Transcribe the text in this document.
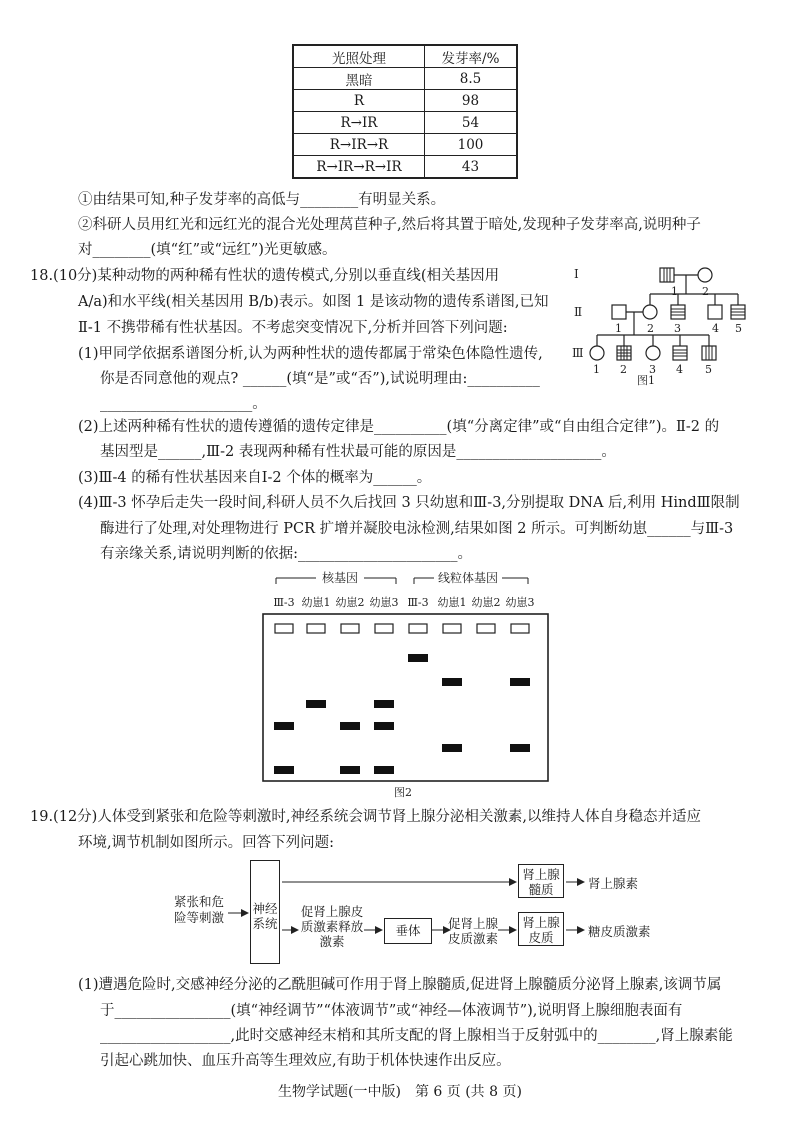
光照处理	发芽率/%
黑暗	8.5
R	98
R→IR	54
R→IR→R	100
R→IR→R→IR	43
①由结果可知,种子发芽率的高低与________有明显关系。
②科研人员用红光和远红光的混合光处理莴苣种子,然后将其置于暗处,发现种子发芽率高,说明种子
对________(填“红”或“远红”)光更敏感。
18.(10分)某种动物的两种稀有性状的遗传模式,分别以垂直线(相关基因用
A/a)和水平线(相关基因用 B/b)表示。如图 1 是该动物的遗传系谱图,已知
Ⅱ-1 不携带稀有性状基因。不考虑突变情况下,分析并回答下列问题:
(1)甲同学依据系谱图分析,认为两种性状的遗传都属于常染色体隐性遗传,
你是否同意他的观点? ______(填“是”或“否”),试说明理由:__________
_____________________。
(2)上述两种稀有性状的遗传遵循的遗传定律是__________(填“分离定律”或“自由组合定律”)。Ⅱ-2 的
基因型是______,Ⅲ-2 表现两种稀有性状最可能的原因是____________________。
(3)Ⅲ-4 的稀有性状基因来自Ⅰ-2 个体的概率为______。
(4)Ⅲ-3 怀孕后走失一段时间,科研人员不久后找回 3 只幼崽和Ⅲ-3,分别提取 DNA 后,利用 HindⅢ限制
酶进行了处理,对处理物进行 PCR 扩增并凝胶电泳检测,结果如图 2 所示。可判断幼崽______与Ⅲ-3
有亲缘关系,请说明判断的依据:______________________。
Ⅰ
Ⅱ
Ⅲ
1 2
1 2 3	4 5
1 2 3 4 5
图1
核基因	线粒体基因
Ⅲ-3 幼崽1 幼崽2 幼崽3 Ⅲ-3 幼崽1 幼崽2 幼崽3
图2
19.(12分)人体受到紧张和危险等刺激时,神经系统会调节肾上腺分泌相关激素,以维持人体自身稳态并适应
环境,调节机制如图所示。回答下列问题:
紧张和危险等刺激
神经系统
促肾上腺皮质激素释放激素
垂体	促肾上腺皮质激素
肾上腺髓质
肾上腺皮质
肾上腺素
糖皮质激素
(1)遭遇危险时,交感神经分泌的乙酰胆碱可作用于肾上腺髓质,促进肾上腺髓质分泌肾上腺素,该调节属
于________________(填“神经调节”“体液调节”或“神经—体液调节”),说明肾上腺细胞表面有
__________________,此时交感神经末梢和其所支配的肾上腺相当于反射弧中的________,肾上腺素能
引起心跳加快、血压升高等生理效应,有助于机体快速作出反应。
生物学试题(一中版)　第 6 页 (共 8 页)
